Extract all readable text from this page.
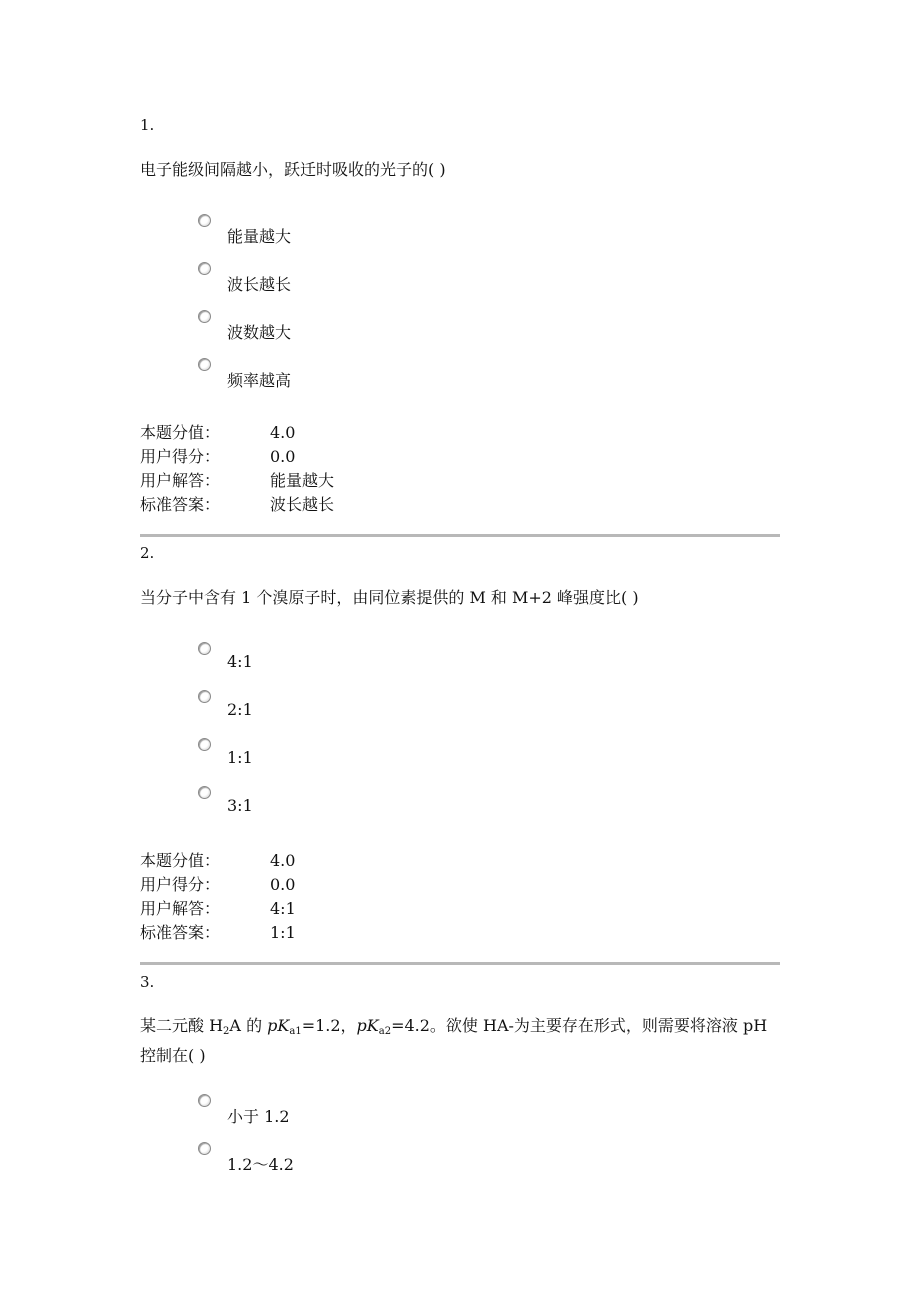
1.
电子能级间隔越小，跃迁时吸收的光子的( )
能量越大
波长越长
波数越大
频率越高
本题分值：	4.0
用户得分：	0.0
用户解答：	能量越大
标准答案：	波长越长
2.
当分子中含有 1 个溴原子时，由同位素提供的 M 和 M+2 峰强度比( )
4:1
2:1
1:1
3:1
本题分值：	4.0
用户得分：	0.0
用户解答：	4:1
标准答案：	1:1
3.
某二元酸 $H_2A$ 的 $pK_{a1}=1.2$，$pK_{a2}=4.2$。欲使 HA-为主要存在形式，则需要将溶液 pH 控制在( )
小于 1.2
1.2～4.2
